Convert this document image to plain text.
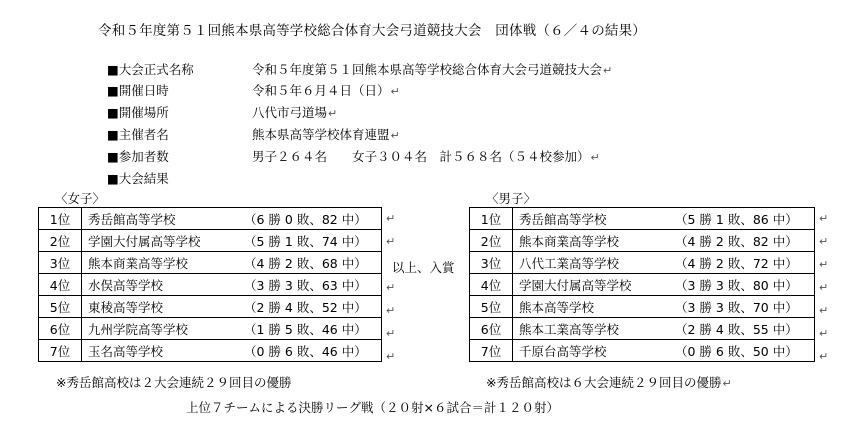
令和５年度第５１回熊本県高等学校総合体育大会弓道競技大会　団体戦（６／４の結果）
■大会正式名称	令和５年度第５１回熊本県高等学校総合体育大会弓道競技大会↵
■開催日時	令和５年６月４日（日）↵
■開催場所	八代市弓道場↵
■主催者名	熊本県高等学校体育連盟↵
■参加者数	男子２６４名　　女子３０４名　計５６８名（５４校参加）↵
■大会結果
〈女子〉
1位	秀岳館高等学校 （6 勝 0 敗、82 中）

2位	学園大付属高等学校 （5 勝 1 敗、74 中）

3位	熊本商業高等学校 （4 勝 2 敗、68 中）

4位	水俣高等学校 （3 勝 3 敗、63 中）

5位	東稜高等学校 （2 勝 4 敗、52 中）

6位	九州学院高等学校 （1 勝 5 敗、46 中）

7位	玉名高等学校 （0 勝 6 敗、46 中）
↵
↵
↵
↵
↵
↵
※秀岳館高校は２大会連続２９回目の優勝
以上、入賞
〈男子〉
1位	秀岳館高等学校 （5 勝 1 敗、86 中）

2位	熊本商業高等学校 （4 勝 2 敗、82 中）

3位	八代工業高等学校 （4 勝 2 敗、72 中）

4位	学園大付属高等学校 （3 勝 3 敗、80 中）

5位	熊本高等学校 （3 勝 3 敗、70 中）

6位	熊本工業高等学校 （2 勝 4 敗、55 中）

7位	千原台高等学校 （0 勝 6 敗、50 中）
↵
↵
↵
↵
↵
↵
↵
※秀岳館高校は６大会連続２９回目の優勝↵
上位７チームによる決勝リーグ戦（２０射×６試合＝計１２０射）
